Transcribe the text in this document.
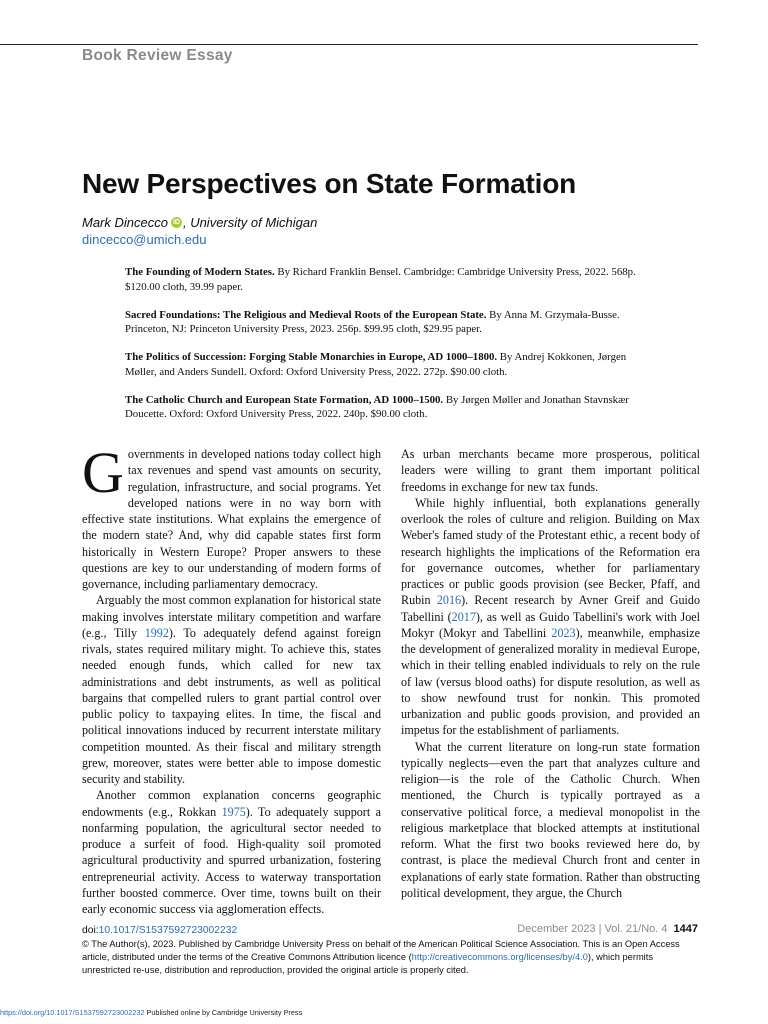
Book Review Essay
New Perspectives on State Formation
Mark Dincecco iD , University of Michigan
dincecco@umich.edu
The Founding of Modern States. By Richard Franklin Bensel. Cambridge: Cambridge University Press, 2022. 568p. $120.00 cloth, 39.99 paper.
Sacred Foundations: The Religious and Medieval Roots of the European State. By Anna M. Grzymała-Busse. Princeton, NJ: Princeton University Press, 2023. 256p. $99.95 cloth, $29.95 paper.
The Politics of Succession: Forging Stable Monarchies in Europe, AD 1000–1800. By Andrej Kokkonen, Jørgen Møller, and Anders Sundell. Oxford: Oxford University Press, 2022. 272p. $90.00 cloth.
The Catholic Church and European State Formation, AD 1000–1500. By Jørgen Møller and Jonathan Stavnskær Doucette. Oxford: Oxford University Press, 2022. 240p. $90.00 cloth.

Governments in developed nations today collect high tax revenues and spend vast amounts on security, regulation, infrastructure, and social programs. Yet developed nations were in no way born with effective state institutions. What explains the emergence of the modern state? And, why did capable states first form historically in Western Europe? Proper answers to these questions are key to our understanding of modern forms of governance, including parliamentary democracy.

Arguably the most common explanation for historical state making involves interstate military competition and warfare (e.g., Tilly 1992). To adequately defend against foreign rivals, states required military might. To achieve this, states needed enough funds, which called for new tax administrations and debt instruments, as well as political bargains that compelled rulers to grant partial control over public policy to taxpaying elites. In time, the fiscal and political innovations induced by recurrent interstate military competition mounted. As their fiscal and military strength grew, moreover, states were better able to impose domestic security and stability.

Another common explanation concerns geographic endowments (e.g., Rokkan 1975). To adequately support a nonfarming population, the agricultural sector needed to produce a surfeit of food. High-quality soil promoted agricultural productivity and spurred urbanization, fostering entrepreneurial activity. Access to waterway transportation further boosted commerce. Over time, towns built on their early economic success via agglomeration effects.

As urban merchants became more prosperous, political leaders were willing to grant them important political freedoms in exchange for new tax funds.

While highly influential, both explanations generally overlook the roles of culture and religion. Building on Max Weber's famed study of the Protestant ethic, a recent body of research highlights the implications of the Reformation era for governance outcomes, whether for parliamentary practices or public goods provision (see Becker, Pfaff, and Rubin 2016). Recent research by Avner Greif and Guido Tabellini (2017), as well as Guido Tabellini's work with Joel Mokyr (Mokyr and Tabellini 2023), meanwhile, emphasize the development of generalized morality in medieval Europe, which in their telling enabled individuals to rely on the rule of law (versus blood oaths) for dispute resolution, as well as to show newfound trust for nonkin. This promoted urbanization and public goods provision, and provided an impetus for the establishment of parliaments.

What the current literature on long-run state formation typically neglects—even the part that analyzes culture and religion—is the role of the Catholic Church. When mentioned, the Church is typically portrayed as a conservative political force, a medieval monopolist in the religious marketplace that blocked attempts at institutional reform. What the first two books reviewed here do, by contrast, is place the medieval Church front and center in explanations of early state formation. Rather than obstructing political development, they argue, the Church

doi:10.1017/S1537592723002232	December 2023 | Vol. 21/No. 4 1447
© The Author(s), 2023. Published by Cambridge University Press on behalf of the American Political Science Association. This is an Open Access article, distributed under the terms of the Creative Commons Attribution licence (http://creativecommons.org/licenses/by/4.0), which permits unrestricted re-use, distribution and reproduction, provided the original article is properly cited.
https://doi.org/10.1017/S1537592723002232 Published online by Cambridge University Press
